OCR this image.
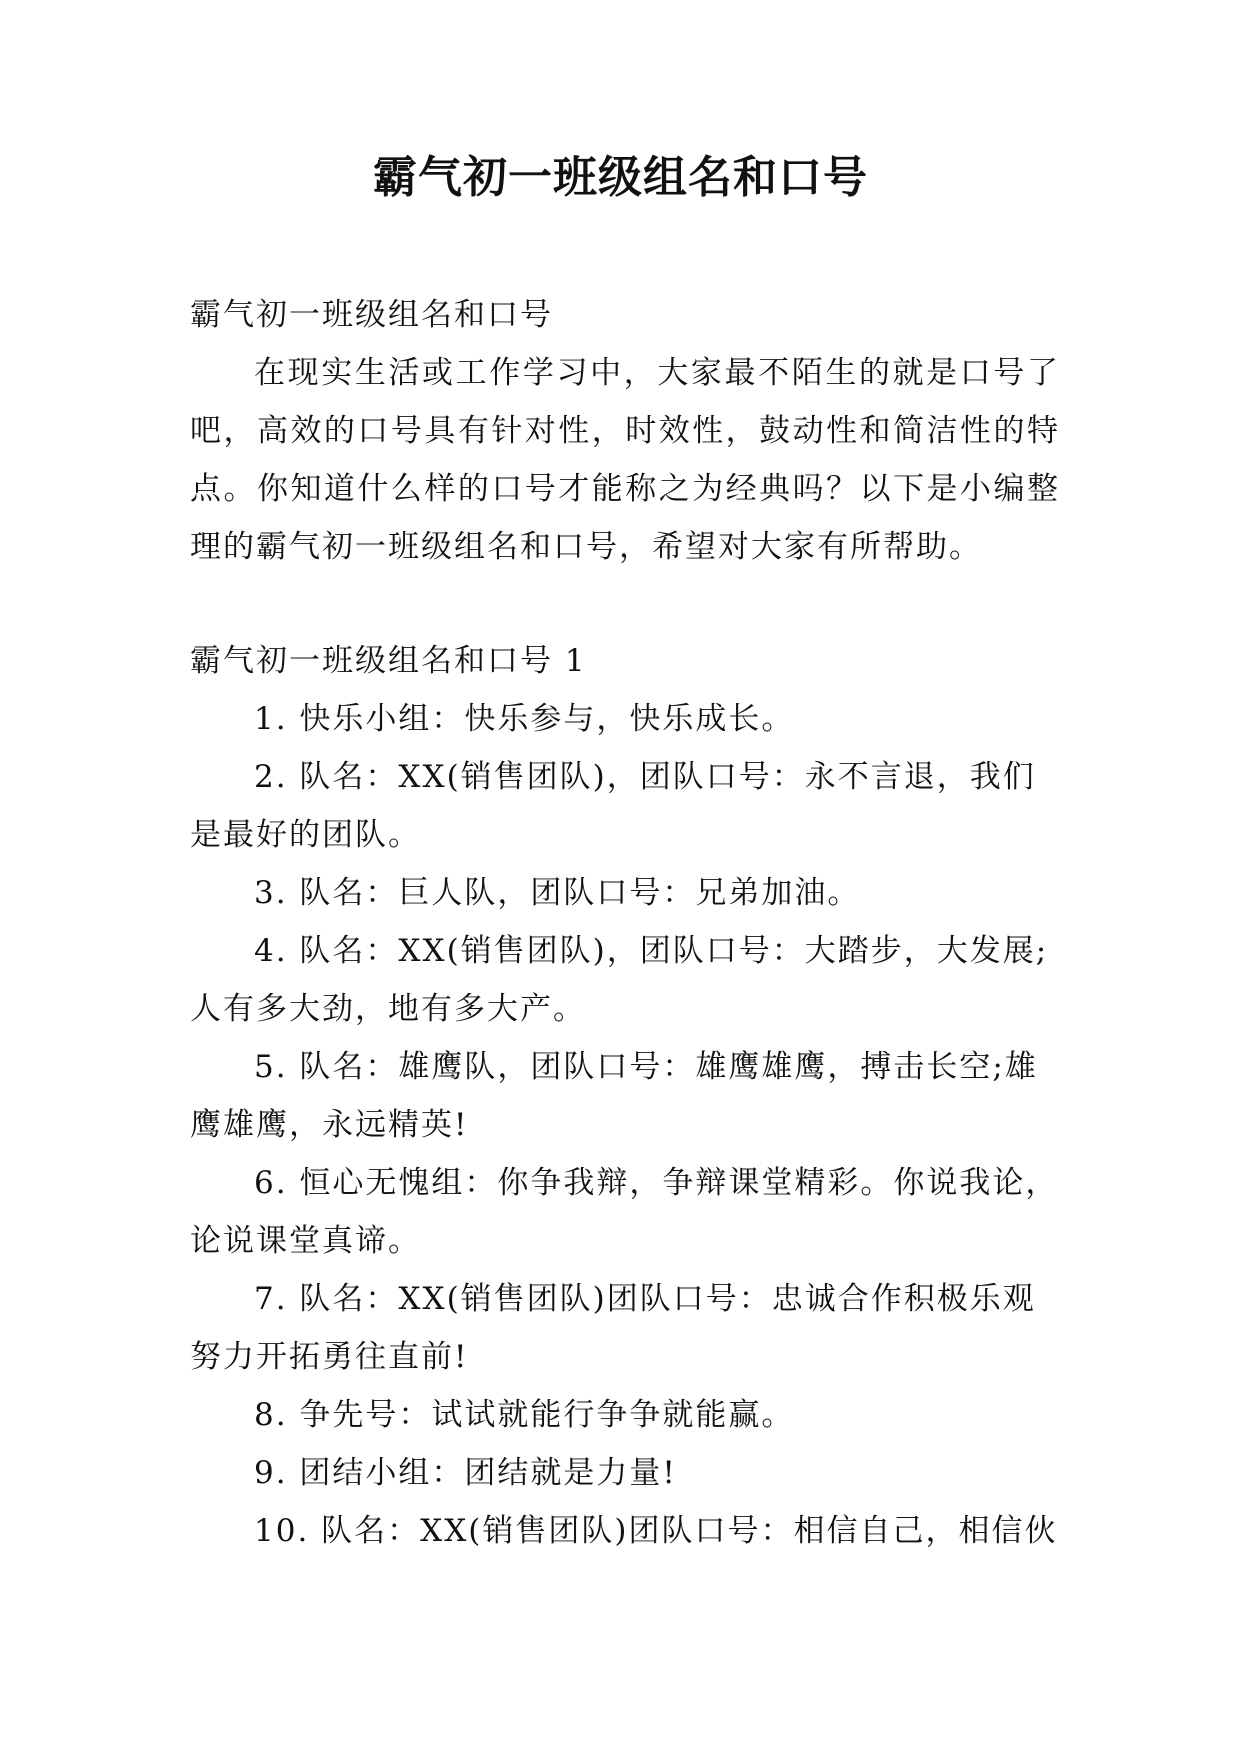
霸气初一班级组名和口号

霸气初一班级组名和口号

在现实生活或工作学习中，大家最不陌生的就是口号了吧，高效的口号具有针对性，时效性，鼓动性和简洁性的特点。你知道什么样的口号才能称之为经典吗？以下是小编整理的霸气初一班级组名和口号，希望对大家有所帮助。

霸气初一班级组名和口号 1

1. 快乐小组：快乐参与，快乐成长。

2. 队名：XX(销售团队)，团队口号：永不言退，我们是最好的团队。

3. 队名：巨人队，团队口号：兄弟加油。

4. 队名：XX(销售团队)，团队口号：大踏步，大发展;人有多大劲，地有多大产。

5. 队名：雄鹰队，团队口号：雄鹰雄鹰，搏击长空;雄鹰雄鹰，永远精英!

6. 恒心无愧组：你争我辩，争辩课堂精彩。你说我论，论说课堂真谛。

7. 队名：XX(销售团队)团队口号：忠诚合作积极乐观努力开拓勇往直前!

8. 争先号：试试就能行争争就能赢。

9. 团结小组：团结就是力量!

10. 队名：XX(销售团队)团队口号：相信自己，相信伙
